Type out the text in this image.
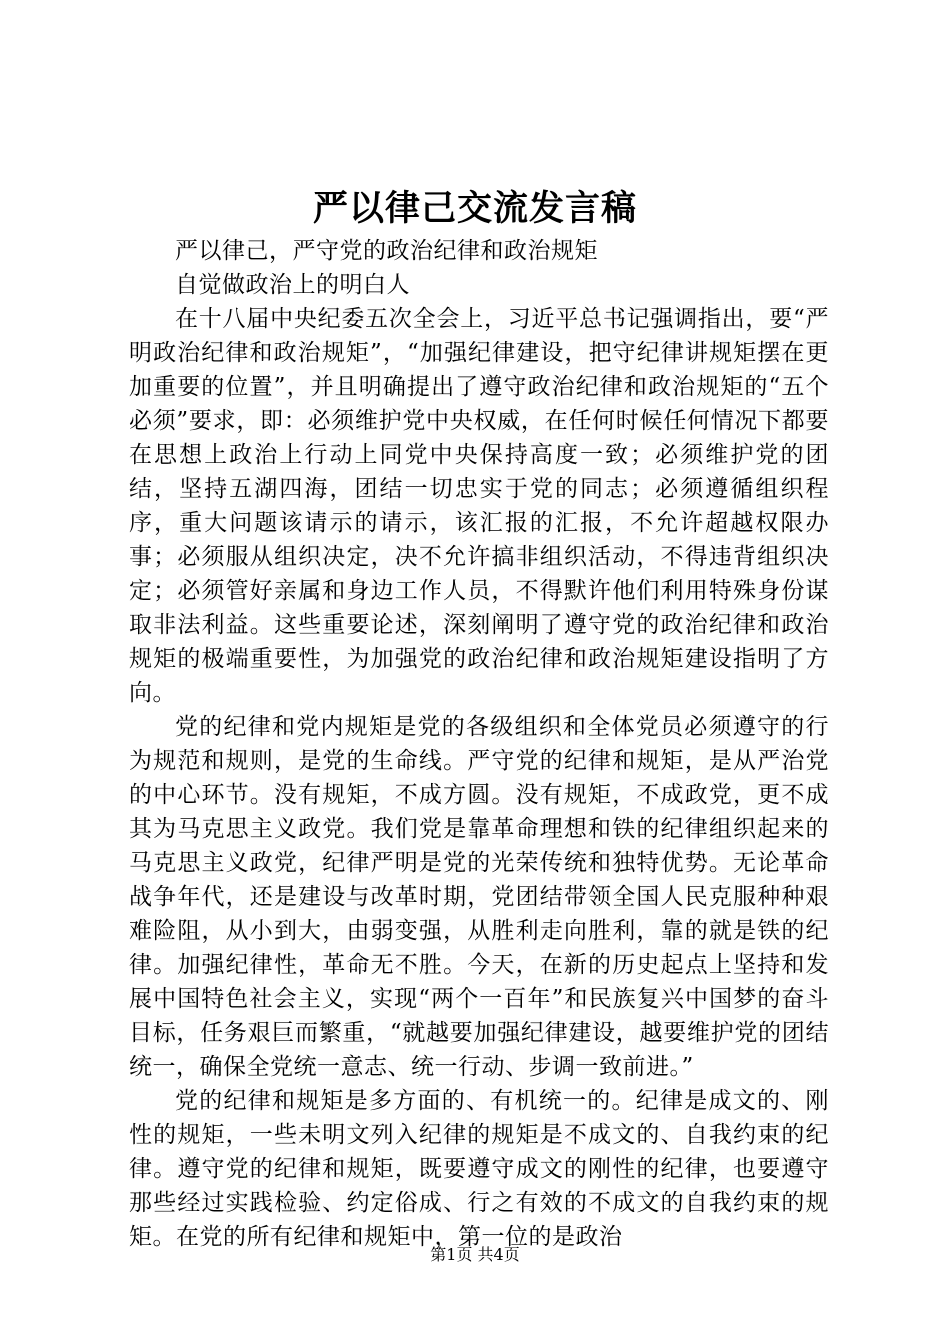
严以律己交流发言稿

严以律己，严守党的政治纪律和政治规矩

自觉做政治上的明白人

在十八届中央纪委五次全会上，习近平总书记强调指出，要“严明政治纪律和政治规矩”，“加强纪律建设，把守纪律讲规矩摆在更加重要的位置”，并且明确提出了遵守政治纪律和政治规矩的“五个必须”要求，即：必须维护党中央权威，在任何时候任何情况下都要在思想上政治上行动上同党中央保持高度一致；必须维护党的团结，坚持五湖四海，团结一切忠实于党的同志；必须遵循组织程序，重大问题该请示的请示，该汇报的汇报，不允许超越权限办事；必须服从组织决定，决不允许搞非组织活动，不得违背组织决定；必须管好亲属和身边工作人员，不得默许他们利用特殊身份谋取非法利益。这些重要论述，深刻阐明了遵守党的政治纪律和政治规矩的极端重要性，为加强党的政治纪律和政治规矩建设指明了方向。

党的纪律和党内规矩是党的各级组织和全体党员必须遵守的行为规范和规则，是党的生命线。严守党的纪律和规矩，是从严治党的中心环节。没有规矩，不成方圆。没有规矩，不成政党，更不成其为马克思主义政党。我们党是靠革命理想和铁的纪律组织起来的马克思主义政党，纪律严明是党的光荣传统和独特优势。无论革命战争年代，还是建设与改革时期，党团结带领全国人民克服种种艰难险阻，从小到大，由弱变强，从胜利走向胜利，靠的就是铁的纪律。加强纪律性，革命无不胜。今天，在新的历史起点上坚持和发展中国特色社会主义，实现“两个一百年”和民族复兴中国梦的奋斗目标，任务艰巨而繁重，“就越要加强纪律建设，越要维护党的团结统一，确保全党统一意志、统一行动、步调一致前进。”

党的纪律和规矩是多方面的、有机统一的。纪律是成文的、刚性的规矩，一些未明文列入纪律的规矩是不成文的、自我约束的纪律。遵守党的纪律和规矩，既要遵守成文的刚性的纪律，也要遵守那些经过实践检验、约定俗成、行之有效的不成文的自我约束的规矩。在党的所有纪律和规矩中，第一位的是政治

第1页 共4页
